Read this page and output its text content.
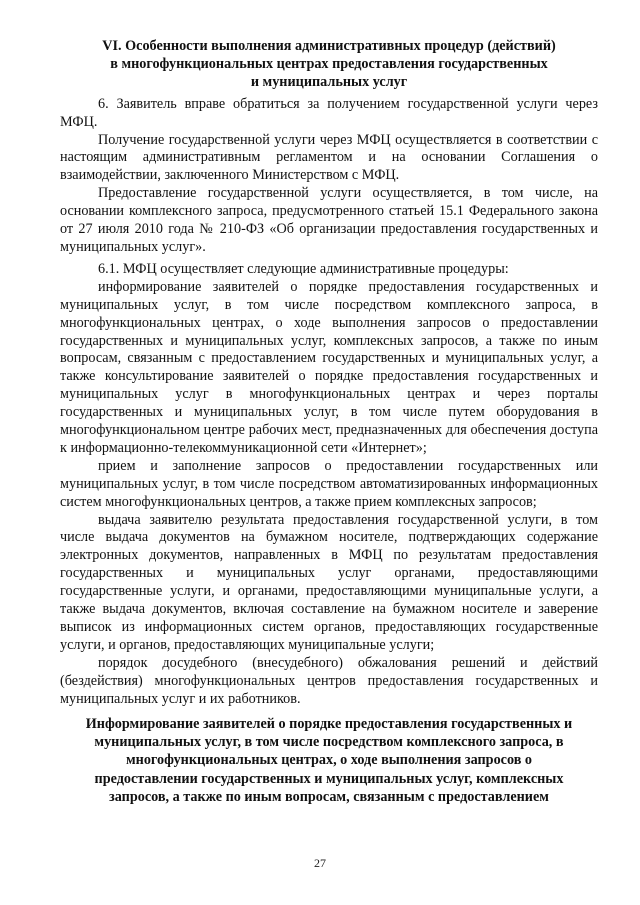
VI. Особенности выполнения административных процедур (действий)
в многофункциональных центрах предоставления государственных
и муниципальных услуг

6. Заявитель вправе обратиться за получением государственной услуги через МФЦ.

Получение государственной услуги через МФЦ осуществляется в соответствии с настоящим административным регламентом и на основании Соглашения о взаимодействии, заключенного Министерством с МФЦ.

Предоставление государственной услуги осуществляется, в том числе, на основании комплексного запроса, предусмотренного статьей 15.1 Федерального закона от 27 июля 2010 года № 210-ФЗ «Об организации предоставления государственных и муниципальных услуг».

6.1. МФЦ осуществляет следующие административные процедуры:

информирование заявителей о порядке предоставления государственных и муниципальных услуг, в том числе посредством комплексного запроса, в многофункциональных центрах, о ходе выполнения запросов о предоставлении государственных и муниципальных услуг, комплексных запросов, а также по иным вопросам, связанным с предоставлением государственных и муниципальных услуг, а также консультирование заявителей о порядке предоставления государственных и муниципальных услуг в многофункциональных центрах и через порталы государственных и муниципальных услуг, в том числе путем оборудования в многофункциональном центре рабочих мест, предназначенных для обеспечения доступа к информационно-телекоммуникационной сети «Интернет»;

прием и заполнение запросов о предоставлении государственных или муниципальных услуг, в том числе посредством автоматизированных информационных систем многофункциональных центров, а также прием комплексных запросов;

выдача заявителю результата предоставления государственной услуги, в том числе выдача документов на бумажном носителе, подтверждающих содержание электронных документов, направленных в МФЦ по результатам предоставления государственных и муниципальных услуг органами, предоставляющими государственные услуги, и органами, предоставляющими муниципальные услуги, а также выдача документов, включая составление на бумажном носителе и заверение выписок из информационных систем органов, предоставляющих государственные услуги, и органов, предоставляющих муниципальные услуги;

порядок досудебного (внесудебного) обжалования решений и действий (бездействия) многофункциональных центров предоставления государственных и муниципальных услуг и их работников.

Информирование заявителей о порядке предоставления государственных и
муниципальных услуг, в том числе посредством комплексного запроса, в
многофункциональных центрах, о ходе выполнения запросов о
предоставлении государственных и муниципальных услуг, комплексных
запросов, а также по иным вопросам, связанным с предоставлением
27
